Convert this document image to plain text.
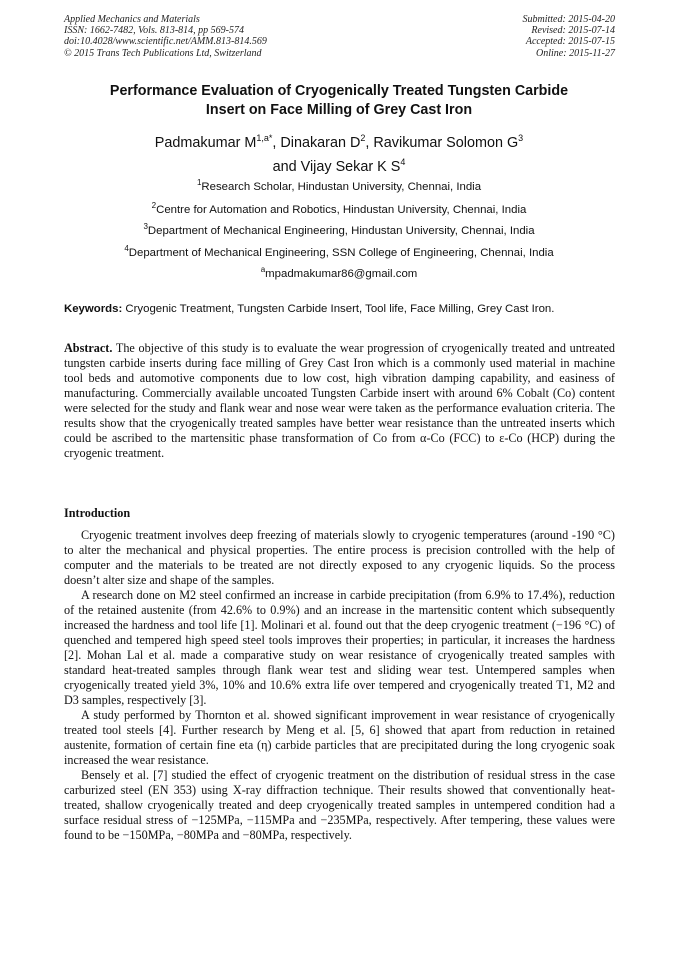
Applied Mechanics and Materials
ISSN: 1662-7482, Vols. 813-814, pp 569-574
doi:10.4028/www.scientific.net/AMM.813-814.569
© 2015 Trans Tech Publications Ltd, Switzerland
Submitted: 2015-04-20
Revised: 2015-07-14
Accepted: 2015-07-15
Online: 2015-11-27
Performance Evaluation of Cryogenically Treated Tungsten Carbide
Insert on Face Milling of Grey Cast Iron
Padmakumar $M^{1,a*}$, Dinakaran $D^2$, Ravikumar Solomon $G^3$
and Vijay Sekar K $S^4$
$^1$Research Scholar, Hindustan University, Chennai, India
$^2$Centre for Automation and Robotics, Hindustan University, Chennai, India
$^3$Department of Mechanical Engineering, Hindustan University, Chennai, India
$^4$Department of Mechanical Engineering, SSN College of Engineering, Chennai, India
$^a$mpadmakumar86@gmail.com
Keywords: Cryogenic Treatment, Tungsten Carbide Insert, Tool life, Face Milling, Grey Cast Iron.

Abstract. The objective of this study is to evaluate the wear progression of cryogenically treated and untreated tungsten carbide inserts during face milling of Grey Cast Iron which is a commonly used material in machine tool beds and automotive components due to low cost, high vibration damping capability, and easiness of manufacturing. Commercially available uncoated Tungsten Carbide insert with around 6% Cobalt (Co) content were selected for the study and flank wear and nose wear were taken as the performance evaluation criteria. The results show that the cryogenically treated samples have better wear resistance than the untreated inserts which could be ascribed to the martensitic phase transformation of Co from α-Co (FCC) to ε-Co (HCP) during the cryogenic treatment.

Introduction

Cryogenic treatment involves deep freezing of materials slowly to cryogenic temperatures (around -190 °C) to alter the mechanical and physical properties. The entire process is precision controlled with the help of computer and the materials to be treated are not directly exposed to any cryogenic liquids. So the process doesn’t alter size and shape of the samples.

A research done on M2 steel confirmed an increase in carbide precipitation (from 6.9% to 17.4%), reduction of the retained austenite (from 42.6% to 0.9%) and an increase in the martensitic content which subsequently increased the hardness and tool life [1]. Molinari et al. found out that the deep cryogenic treatment (−196 °C) of quenched and tempered high speed steel tools improves their properties; in particular, it increases the hardness [2]. Mohan Lal et al. made a comparative study on wear resistance of cryogenically treated samples with standard heat-treated samples through flank wear test and sliding wear test. Untempered samples when cryogenically treated yield 3%, 10% and 10.6% extra life over tempered and cryogenically treated T1, M2 and D3 samples, respectively [3].

A study performed by Thornton et al. showed significant improvement in wear resistance of cryogenically treated tool steels [4]. Further research by Meng et al. [5, 6] showed that apart from reduction in retained austenite, formation of certain fine eta (η) carbide particles that are precipitated during the long cryogenic soak increased the wear resistance.

Bensely et al. [7] studied the effect of cryogenic treatment on the distribution of residual stress in the case carburized steel (EN 353) using X-ray diffraction technique. Their results showed that conventionally heat-treated, shallow cryogenically treated and deep cryogenically treated samples in untempered condition had a surface residual stress of −125MPa, −115MPa and −235MPa, respectively. After tempering, these values were found to be −150MPa, −80MPa and −80MPa, respectively.
